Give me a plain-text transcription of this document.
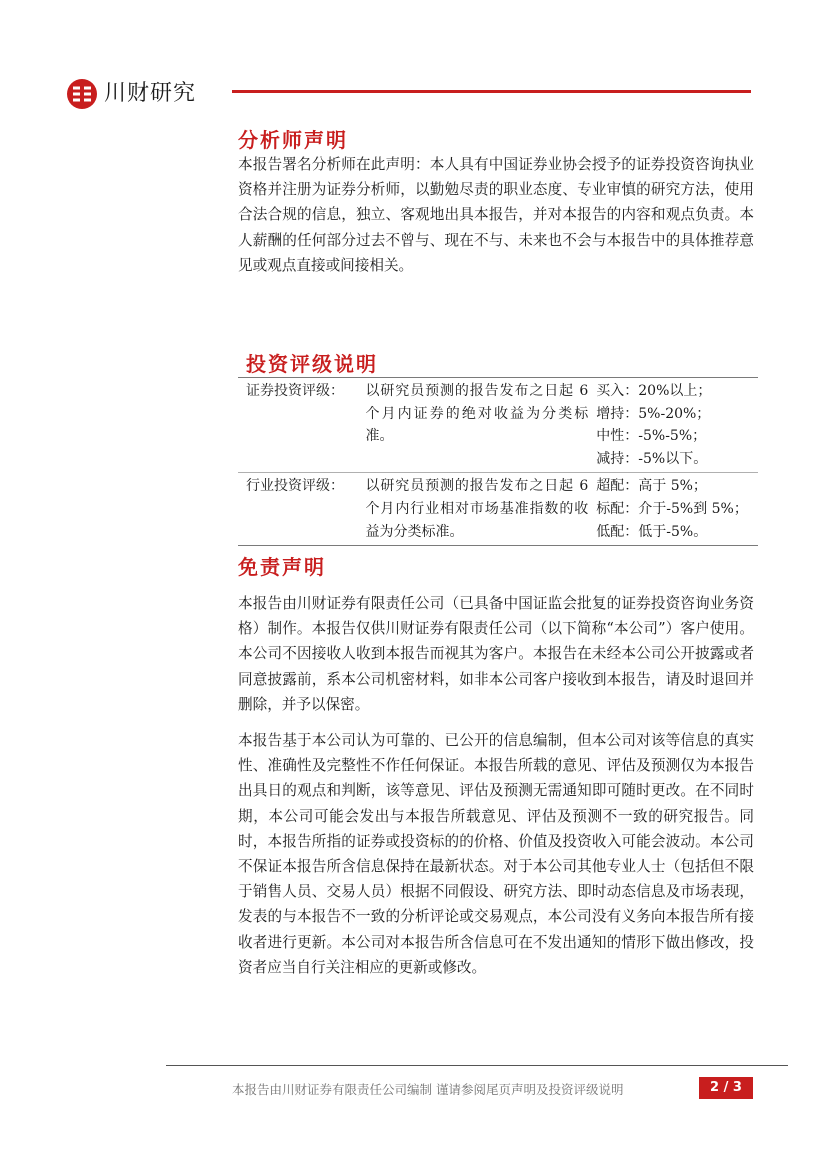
川财研究
分析师声明

本报告署名分析师在此声明：本人具有中国证券业协会授予的证券投资咨询执业资格并注册为证券分析师，以勤勉尽责的职业态度、专业审慎的研究方法，使用合法合规的信息，独立、客观地出具本报告，并对本报告的内容和观点负责。本人薪酬的任何部分过去不曾与、现在不与、未来也不会与本报告中的具体推荐意见或观点直接或间接相关。

投资评级说明
证券投资评级：	以研究员预测的报告发布之日起 6 个月内证券的绝对收益为分类标准。	买入：20%以上；
增持：5%-20%；
中性：-5%-5%；
减持：-5%以下。

行业投资评级：	以研究员预测的报告发布之日起 6 个月内行业相对市场基准指数的收益为分类标准。	超配：高于 5%；
标配：介于-5%到 5%；
低配：低于-5%。
免责声明

本报告由川财证券有限责任公司（已具备中国证监会批复的证券投资咨询业务资格）制作。本报告仅供川财证券有限责任公司（以下简称“本公司”）客户使用。本公司不因接收人收到本报告而视其为客户。本报告在未经本公司公开披露或者同意披露前，系本公司机密材料，如非本公司客户接收到本报告，请及时退回并删除，并予以保密。

本报告基于本公司认为可靠的、已公开的信息编制，但本公司对该等信息的真实性、准确性及完整性不作任何保证。本报告所载的意见、评估及预测仅为本报告出具日的观点和判断，该等意见、评估及预测无需通知即可随时更改。在不同时期，本公司可能会发出与本报告所载意见、评估及预测不一致的研究报告。同时，本报告所指的证券或投资标的的价格、价值及投资收入可能会波动。本公司不保证本报告所含信息保持在最新状态。对于本公司其他专业人士（包括但不限于销售人员、交易人员）根据不同假设、研究方法、即时动态信息及市场表现，发表的与本报告不一致的分析评论或交易观点，本公司没有义务向本报告所有接收者进行更新。本公司对本报告所含信息可在不发出通知的情形下做出修改，投资者应当自行关注相应的更新或修改。

本报告由川财证券有限责任公司编制 谨请参阅尾页声明及投资评级说明	2 / 3
